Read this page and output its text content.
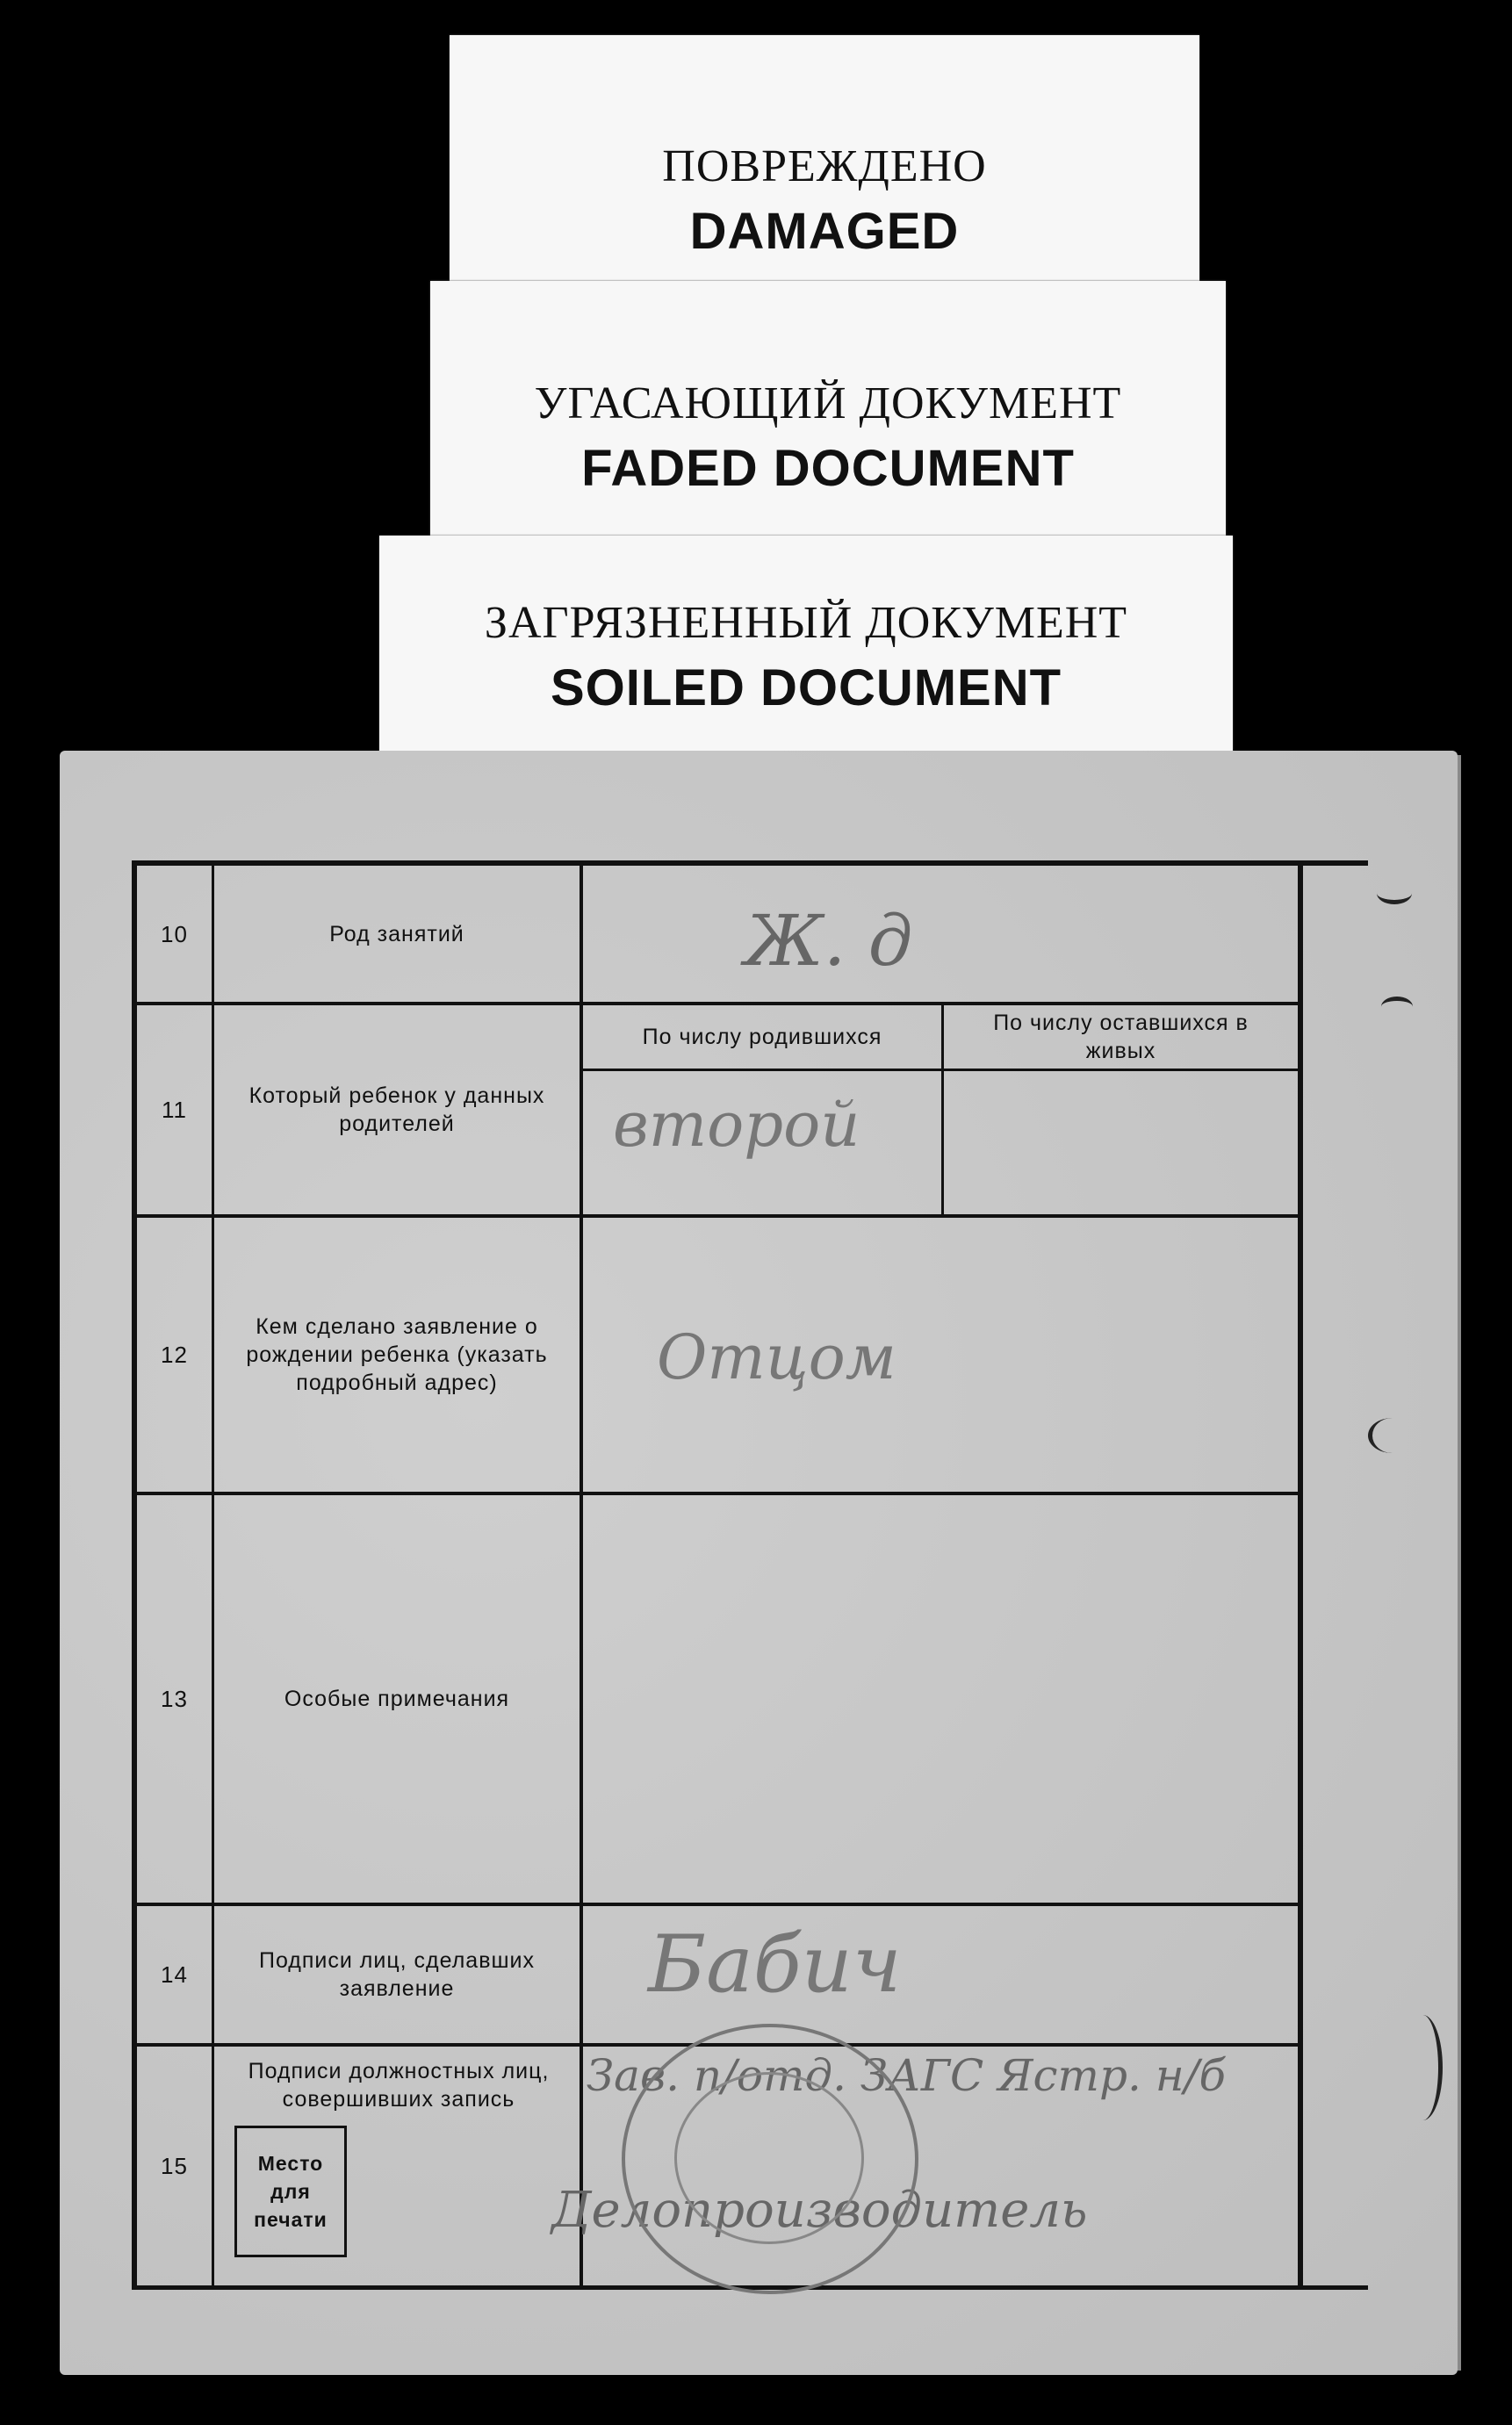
ПОВРЕЖДЕНО
DAMAGED
УГАСАЮЩИЙ ДОКУМЕНТ
FADED DOCUMENT
ЗАГРЯЗНЕННЫЙ ДОКУМЕНТ
SOILED DOCUMENT
10
11
12
13
14
15
Род занятий
Который ребенок у данных родителей
Кем сделано заявление о рождении ребенка (указать подробный адрес)
Особые примечания
Подписи лиц, сделавших заявление
Подписи должностных лиц, совершивших запись
По числу родившихся
По числу оставшихся в живых
Место для печати
Ж. д
второй
Отцом
Бабич
Зав. п/отд. ЗАГС Ястр. н/б
Делопроизводитель
